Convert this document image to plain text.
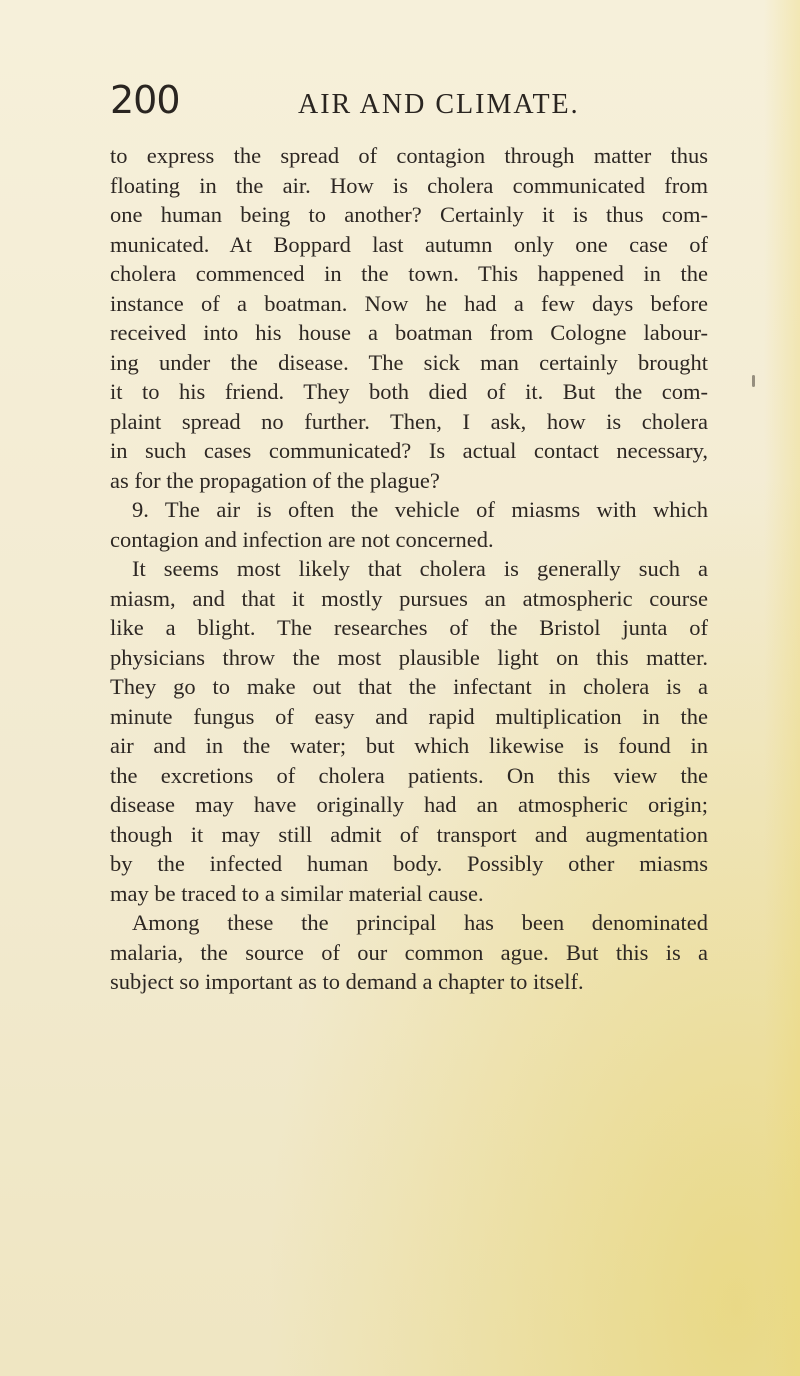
200	AIR AND CLIMATE.
to express the spread of contagion through matter thus
floating in the air. How is cholera communicated from
one human being to another? Certainly it is thus com-
municated. At Boppard last autumn only one case of
cholera commenced in the town. This happened in the
instance of a boatman. Now he had a few days before
received into his house a boatman from Cologne labour-
ing under the disease. The sick man certainly brought
it to his friend. They both died of it. But the com-
plaint spread no further. Then, I ask, how is cholera
in such cases communicated? Is actual contact necessary,
as for the propagation of the plague?
9. The air is often the vehicle of miasms with which
contagion and infection are not concerned.
It seems most likely that cholera is generally such a
miasm, and that it mostly pursues an atmospheric course
like a blight. The researches of the Bristol junta of
physicians throw the most plausible light on this matter.
They go to make out that the infectant in cholera is a
minute fungus of easy and rapid multiplication in the
air and in the water; but which likewise is found in
the excretions of cholera patients. On this view the
disease may have originally had an atmospheric origin;
though it may still admit of transport and augmentation
by the infected human body. Possibly other miasms
may be traced to a similar material cause.
Among these the principal has been denominated
malaria, the source of our common ague. But this is a
subject so important as to demand a chapter to itself.
